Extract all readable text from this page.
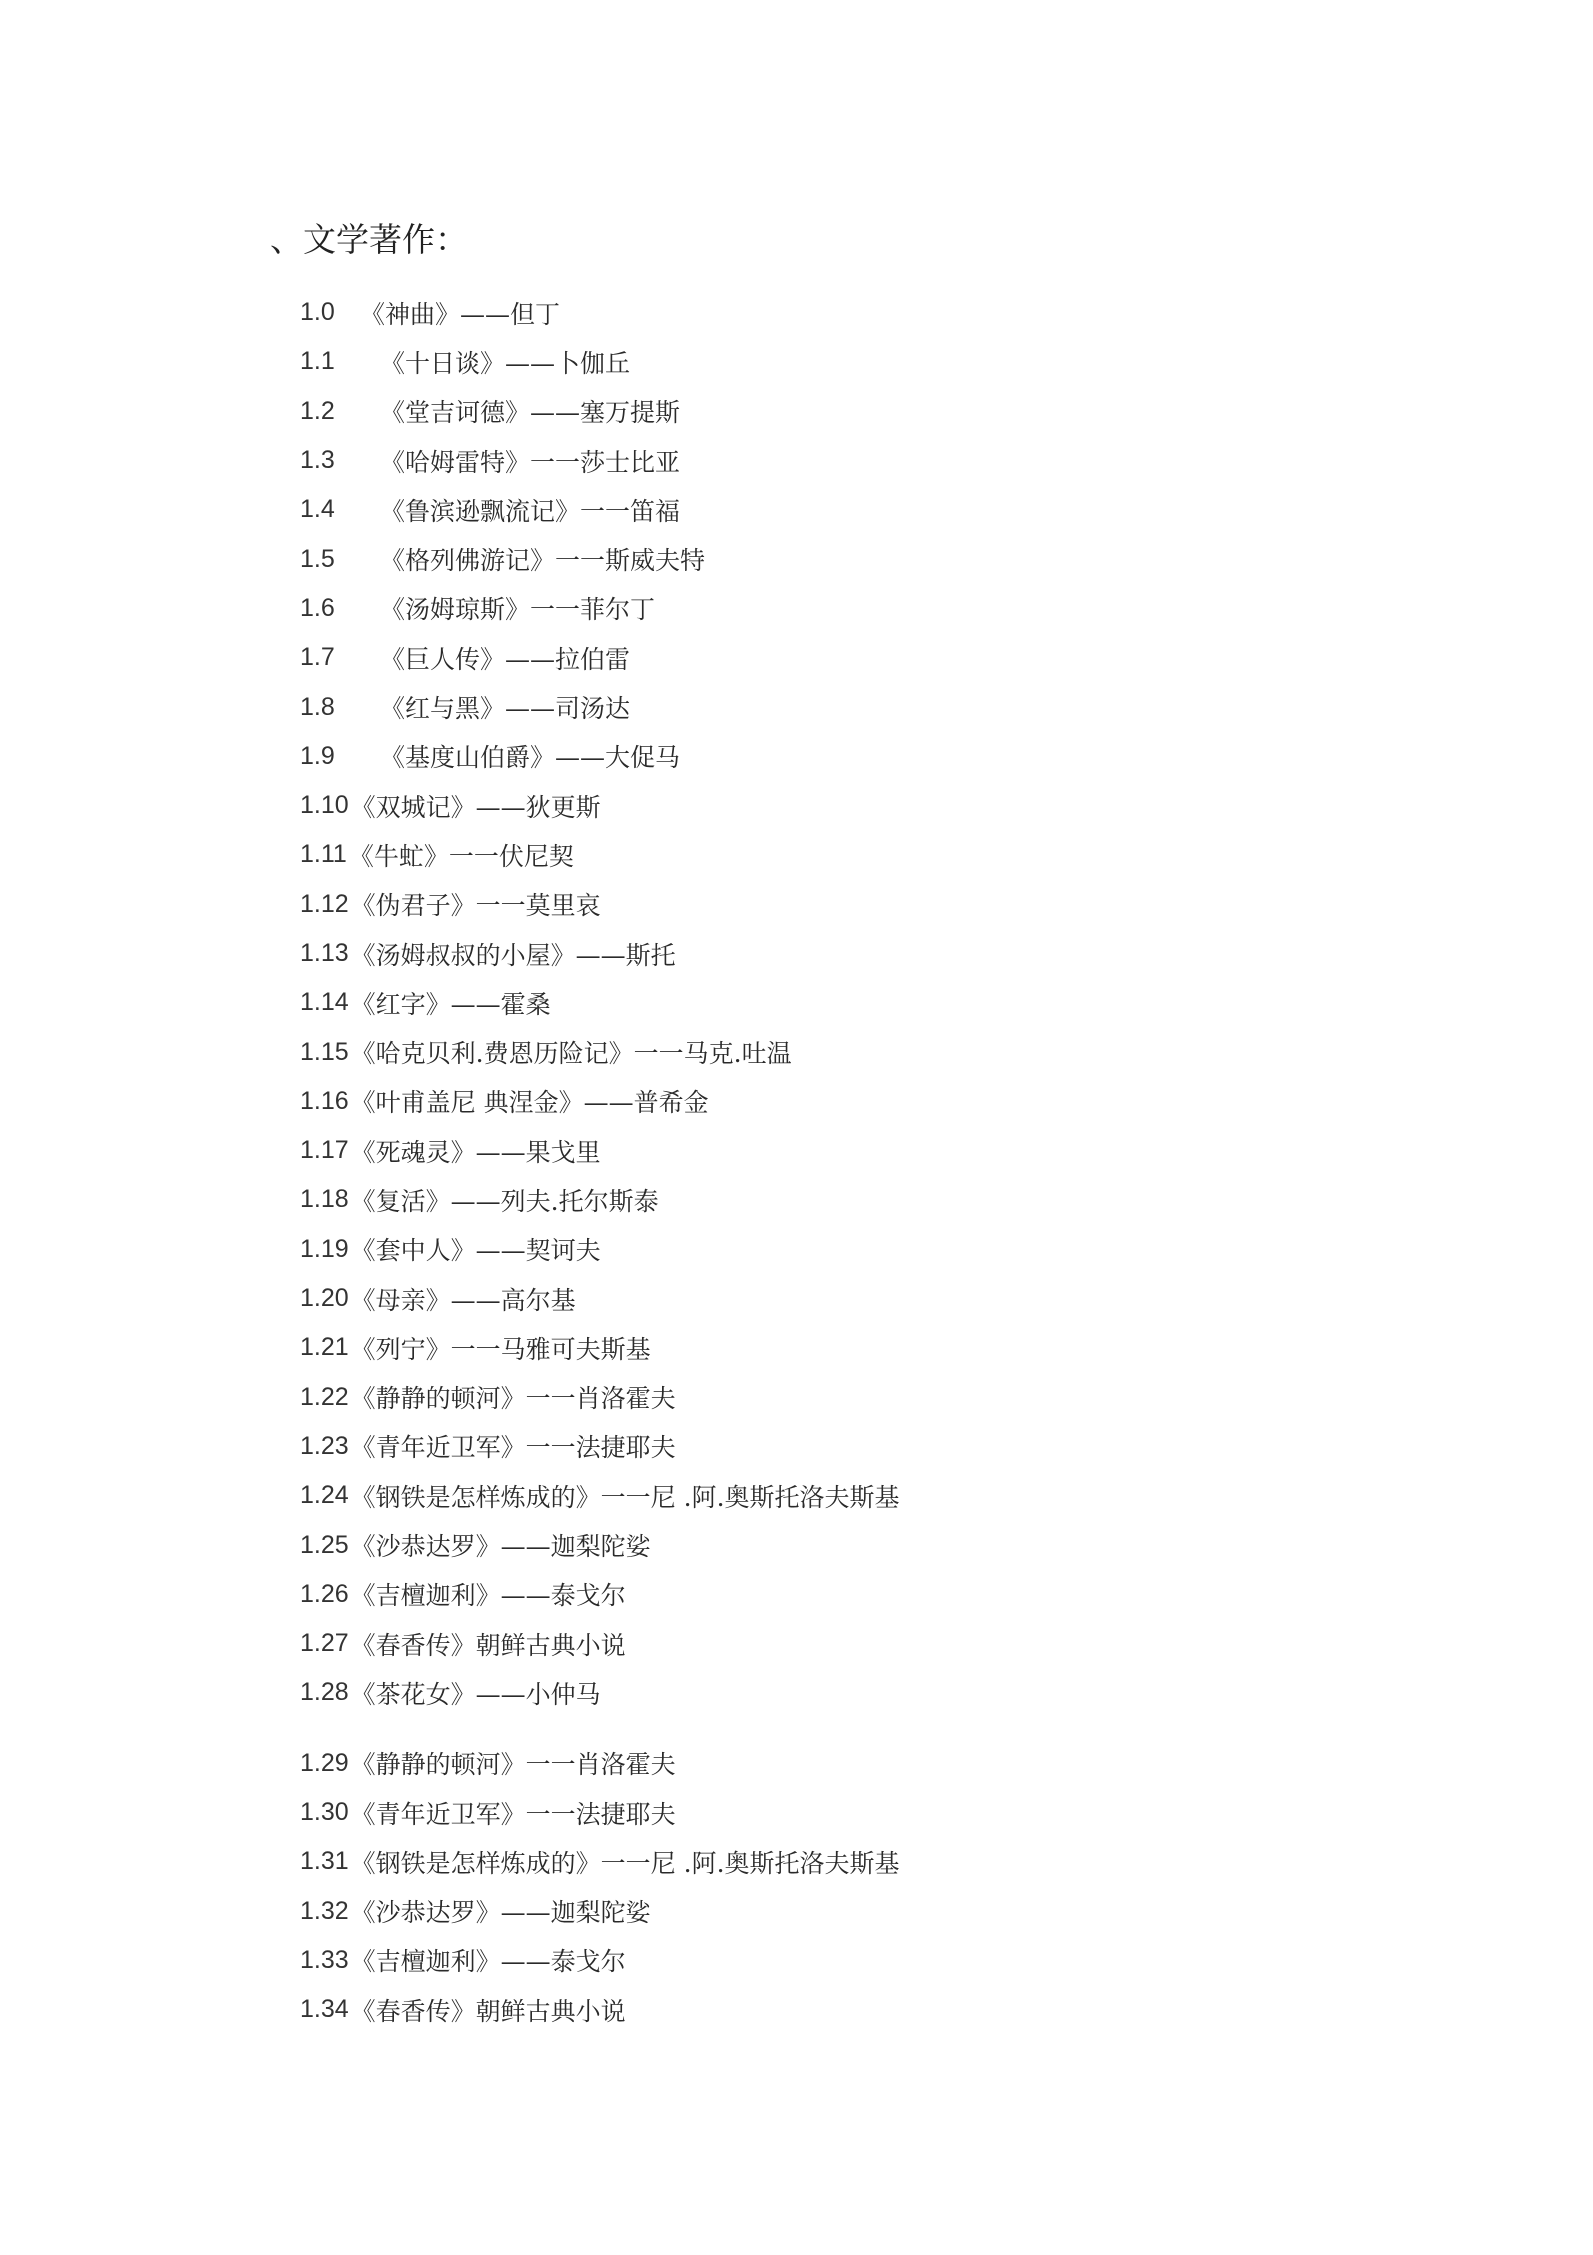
、文学著作：
1.0	《神曲》——但丁
1.1	《十日谈》——卜伽丘
1.2	《堂吉诃德》——塞万提斯
1.3	《哈姆雷特》一一莎士比亚
1.4	《鲁滨逊飘流记》一一笛福
1.5	《格列佛游记》一一斯威夫特
1.6	《汤姆琼斯》一一菲尔丁
1.7	《巨人传》——拉伯雷
1.8	《红与黑》——司汤达
1.9	《基度山伯爵》——大促马
1.10 《双城记》——狄更斯
1.11 《牛虻》一一伏尼契
1.12 《伪君子》一一莫里哀
1.13 《汤姆叔叔的小屋》——斯托
1.14 《红字》——霍桑
1.15 《哈克贝利.费恩历险记》一一马克.吐温
1.16 《叶甫盖尼 典涅金》——普希金
1.17 《死魂灵》——果戈里
1.18 《复活》——列夫.托尔斯泰
1.19 《套中人》——契诃夫
1.20 《母亲》——高尔基
1.21 《列宁》一一马雅可夫斯基
1.22 《静静的顿河》一一肖洛霍夫
1.23 《青年近卫军》一一法捷耶夫
1.24 《钢铁是怎样炼成的》一一尼 .阿.奥斯托洛夫斯基
1.25 《沙恭达罗》——迦梨陀娑
1.26 《吉檀迦利》——泰戈尔
1.27 《春香传》朝鲜古典小说
1.28 《茶花女》——小仲马
1.29 《静静的顿河》一一肖洛霍夫
1.30 《青年近卫军》一一法捷耶夫
1.31 《钢铁是怎样炼成的》一一尼 .阿.奥斯托洛夫斯基
1.32 《沙恭达罗》——迦梨陀娑
1.33 《吉檀迦利》——泰戈尔
1.34 《春香传》朝鲜古典小说
